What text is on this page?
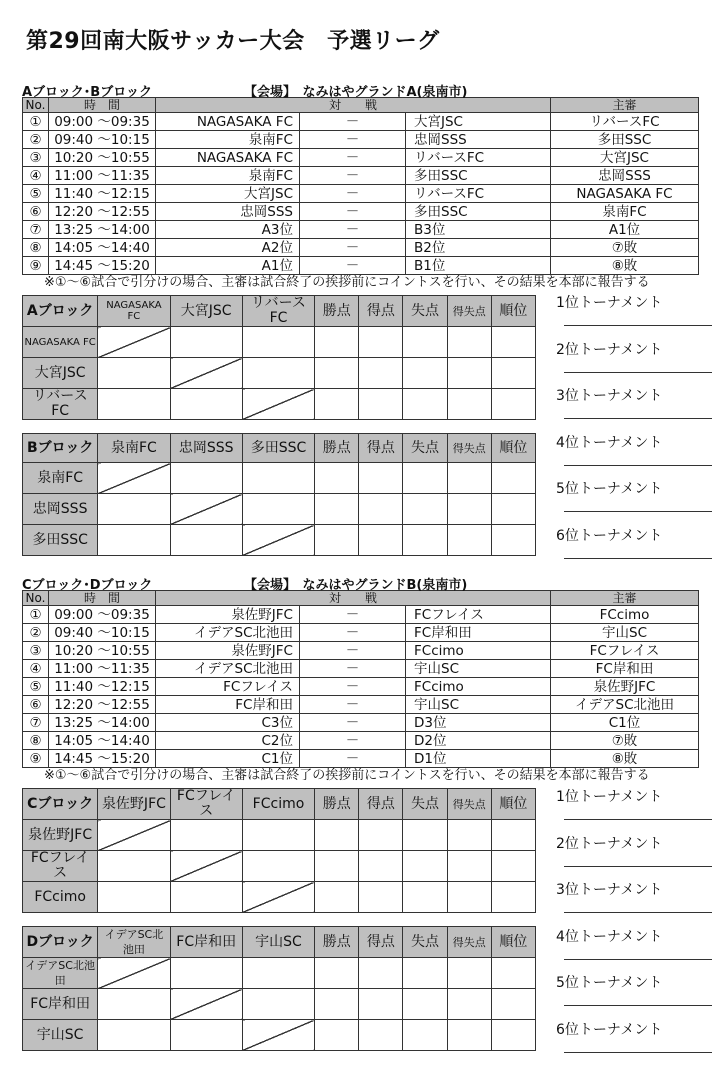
第29回南大阪サッカー大会　予選リーグ
Aブロック･Bブロック	【会場】　なみはやグランドA(泉南市)
No.	時　間	対　　戦			主審
①	09:00 ～09:35	NAGASAKA FC	－	大宮JSC	リバースFC
②	09:40 ～10:15	泉南FC	－	忠岡SSS	多田SSC
③	10:20 ～10:55	NAGASAKA FC	－	リバースFC	大宮JSC
④	11:00 ～11:35	泉南FC	－	多田SSC	忠岡SSS
⑤	11:40 ～12:15	大宮JSC	－	リバースFC	NAGASAKA FC
⑥	12:20 ～12:55	忠岡SSS	－	多田SSC	泉南FC
⑦	13:25 ～14:00	A3位	－	B3位	A1位
⑧	14:05 ～14:40	A2位	－	B2位	⑦敗
⑨	14:45 ～15:20	A1位	－	B1位	⑧敗
※①～⑥試合で引分けの場合、主審は試合終了の挨拶前にコイントスを行い、その結果を本部に報告する
Cブロック･Dブロック	【会場】　なみはやグランドB(泉南市)
No.	時　間	対　　戦			主審
①	09:00 ～09:35	泉佐野JFC	－	FCフレイス	FCcimo
②	09:40 ～10:15	イデアSC北池田	－	FC岸和田	宇山SC
③	10:20 ～10:55	泉佐野JFC	－	FCcimo	FCフレイス
④	11:00 ～11:35	イデアSC北池田	－	宇山SC	FC岸和田
⑤	11:40 ～12:15	FCフレイス	－	FCcimo	泉佐野JFC
⑥	12:20 ～12:55	FC岸和田	－	宇山SC	イデアSC北池田
⑦	13:25 ～14:00	C3位	－	D3位	C1位
⑧	14:05 ～14:40	C2位	－	D2位	⑦敗
⑨	14:45 ～15:20	C1位	－	D1位	⑧敗
※①～⑥試合で引分けの場合、主審は試合終了の挨拶前にコイントスを行い、その結果を本部に報告する
Aブロック	NAGASAKA FC	大宮JSC	リバースFC	勝点	得点	失点	得失点	順位
NAGASAKA FC								
大宮JSC								
リバースFC								
Bブロック	泉南FC	忠岡SSS	多田SSC	勝点	得点	失点	得失点	順位
泉南FC								
忠岡SSS								
多田SSC								
Cブロック	泉佐野JFC	FCフレイス	FCcimo	勝点	得点	失点	得失点	順位
泉佐野JFC								
FCフレイス								
FCcimo								
Dブロック	イデアSC北池田	FC岸和田	宇山SC	勝点	得点	失点	得失点	順位
イデアSC北池田								
FC岸和田								
宇山SC								
1位トーナメント
2位トーナメント
3位トーナメント
4位トーナメント
5位トーナメント
6位トーナメント
1位トーナメント
2位トーナメント
3位トーナメント
4位トーナメント
5位トーナメント
6位トーナメント
